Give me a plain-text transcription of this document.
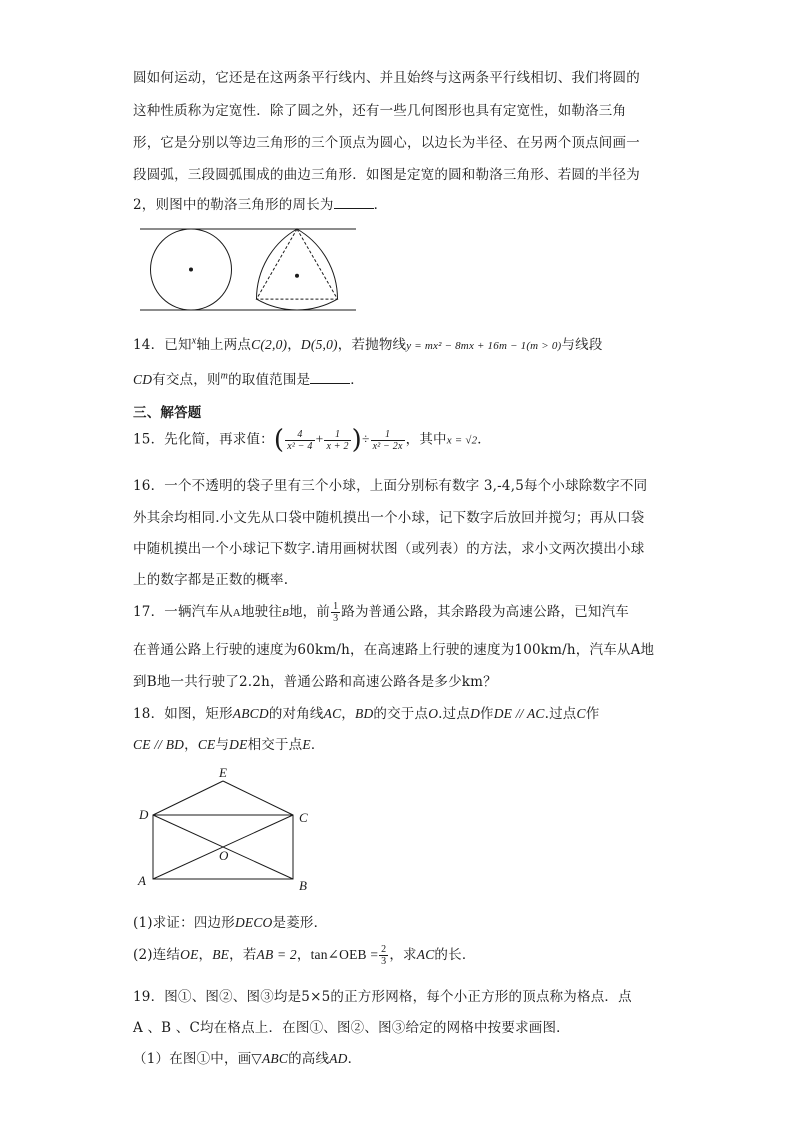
圆如何运动，它还是在这两条平行线内、并且始终与这两条平行线相切、我们将圆的
这种性质称为定宽性．除了圆之外，还有一些几何图形也具有定宽性，如勒洛三角
形，它是分别以等边三角形的三个顶点为圆心，以边长为半径、在另两个顶点间画一
段圆弧，三段圆弧围成的曲边三角形．如图是定宽的圆和勒洛三角形、若圆的半径为
2，则图中的勒洛三角形的周长为	．
14．已知$^x$轴上两点C(2,0)，D(5,0)，若抛物线y = mx² − 8mx + 16m − 1(m > 0)与线段
CD有交点，则$^m$的取值范围是	．
三、解答题
15．先化简，再求值：( $\frac{4}{\text{x² − 4}} + \frac{1}{x + 2}$ )÷ $\frac{1}{\text{x² − 2x}}$ ，其中x = √2．
16．一个不透明的袋子里有三个小球，上面分别标有数字 3,-4,5每个小球除数字不同
外其余均相同.小文先从口袋中随机摸出一个小球，记下数字后放回并搅匀；再从口袋
中随机摸出一个小球记下数字.请用画树状图（或列表）的方法，求小文两次摸出小球
上的数字都是正数的概率.
17．一辆汽车从A地驶往B地，前 $\frac{1}{3}$ 路为普通公路，其余路段为高速公路，已知汽车
在普通公路上行驶的速度为60km/h，在高速路上行驶的速度为100km/h，汽车从A地
到B地一共行驶了2.2h，普通公路和高速公路各是多少km？
18．如图，矩形ABCD的对角线AC，BD的交于点O.过点D作DE // AC.过点C作
CE // BD，CE与DE相交于点E．
E
D	C
O
A	B
(1)求证：四边形DECO是菱形．
(2)连结OE，BE，若AB = 2，tan∠OEB = $\frac{2}{3}$ ，求AC的长．
19．图①、图②、图③均是5×5的正方形网格，每个小正方形的顶点称为格点．点
A 、B 、C均在格点上．在图①、图②、图③给定的网格中按要求画图．
（1）在图①中，画▽ABC的高线AD．
